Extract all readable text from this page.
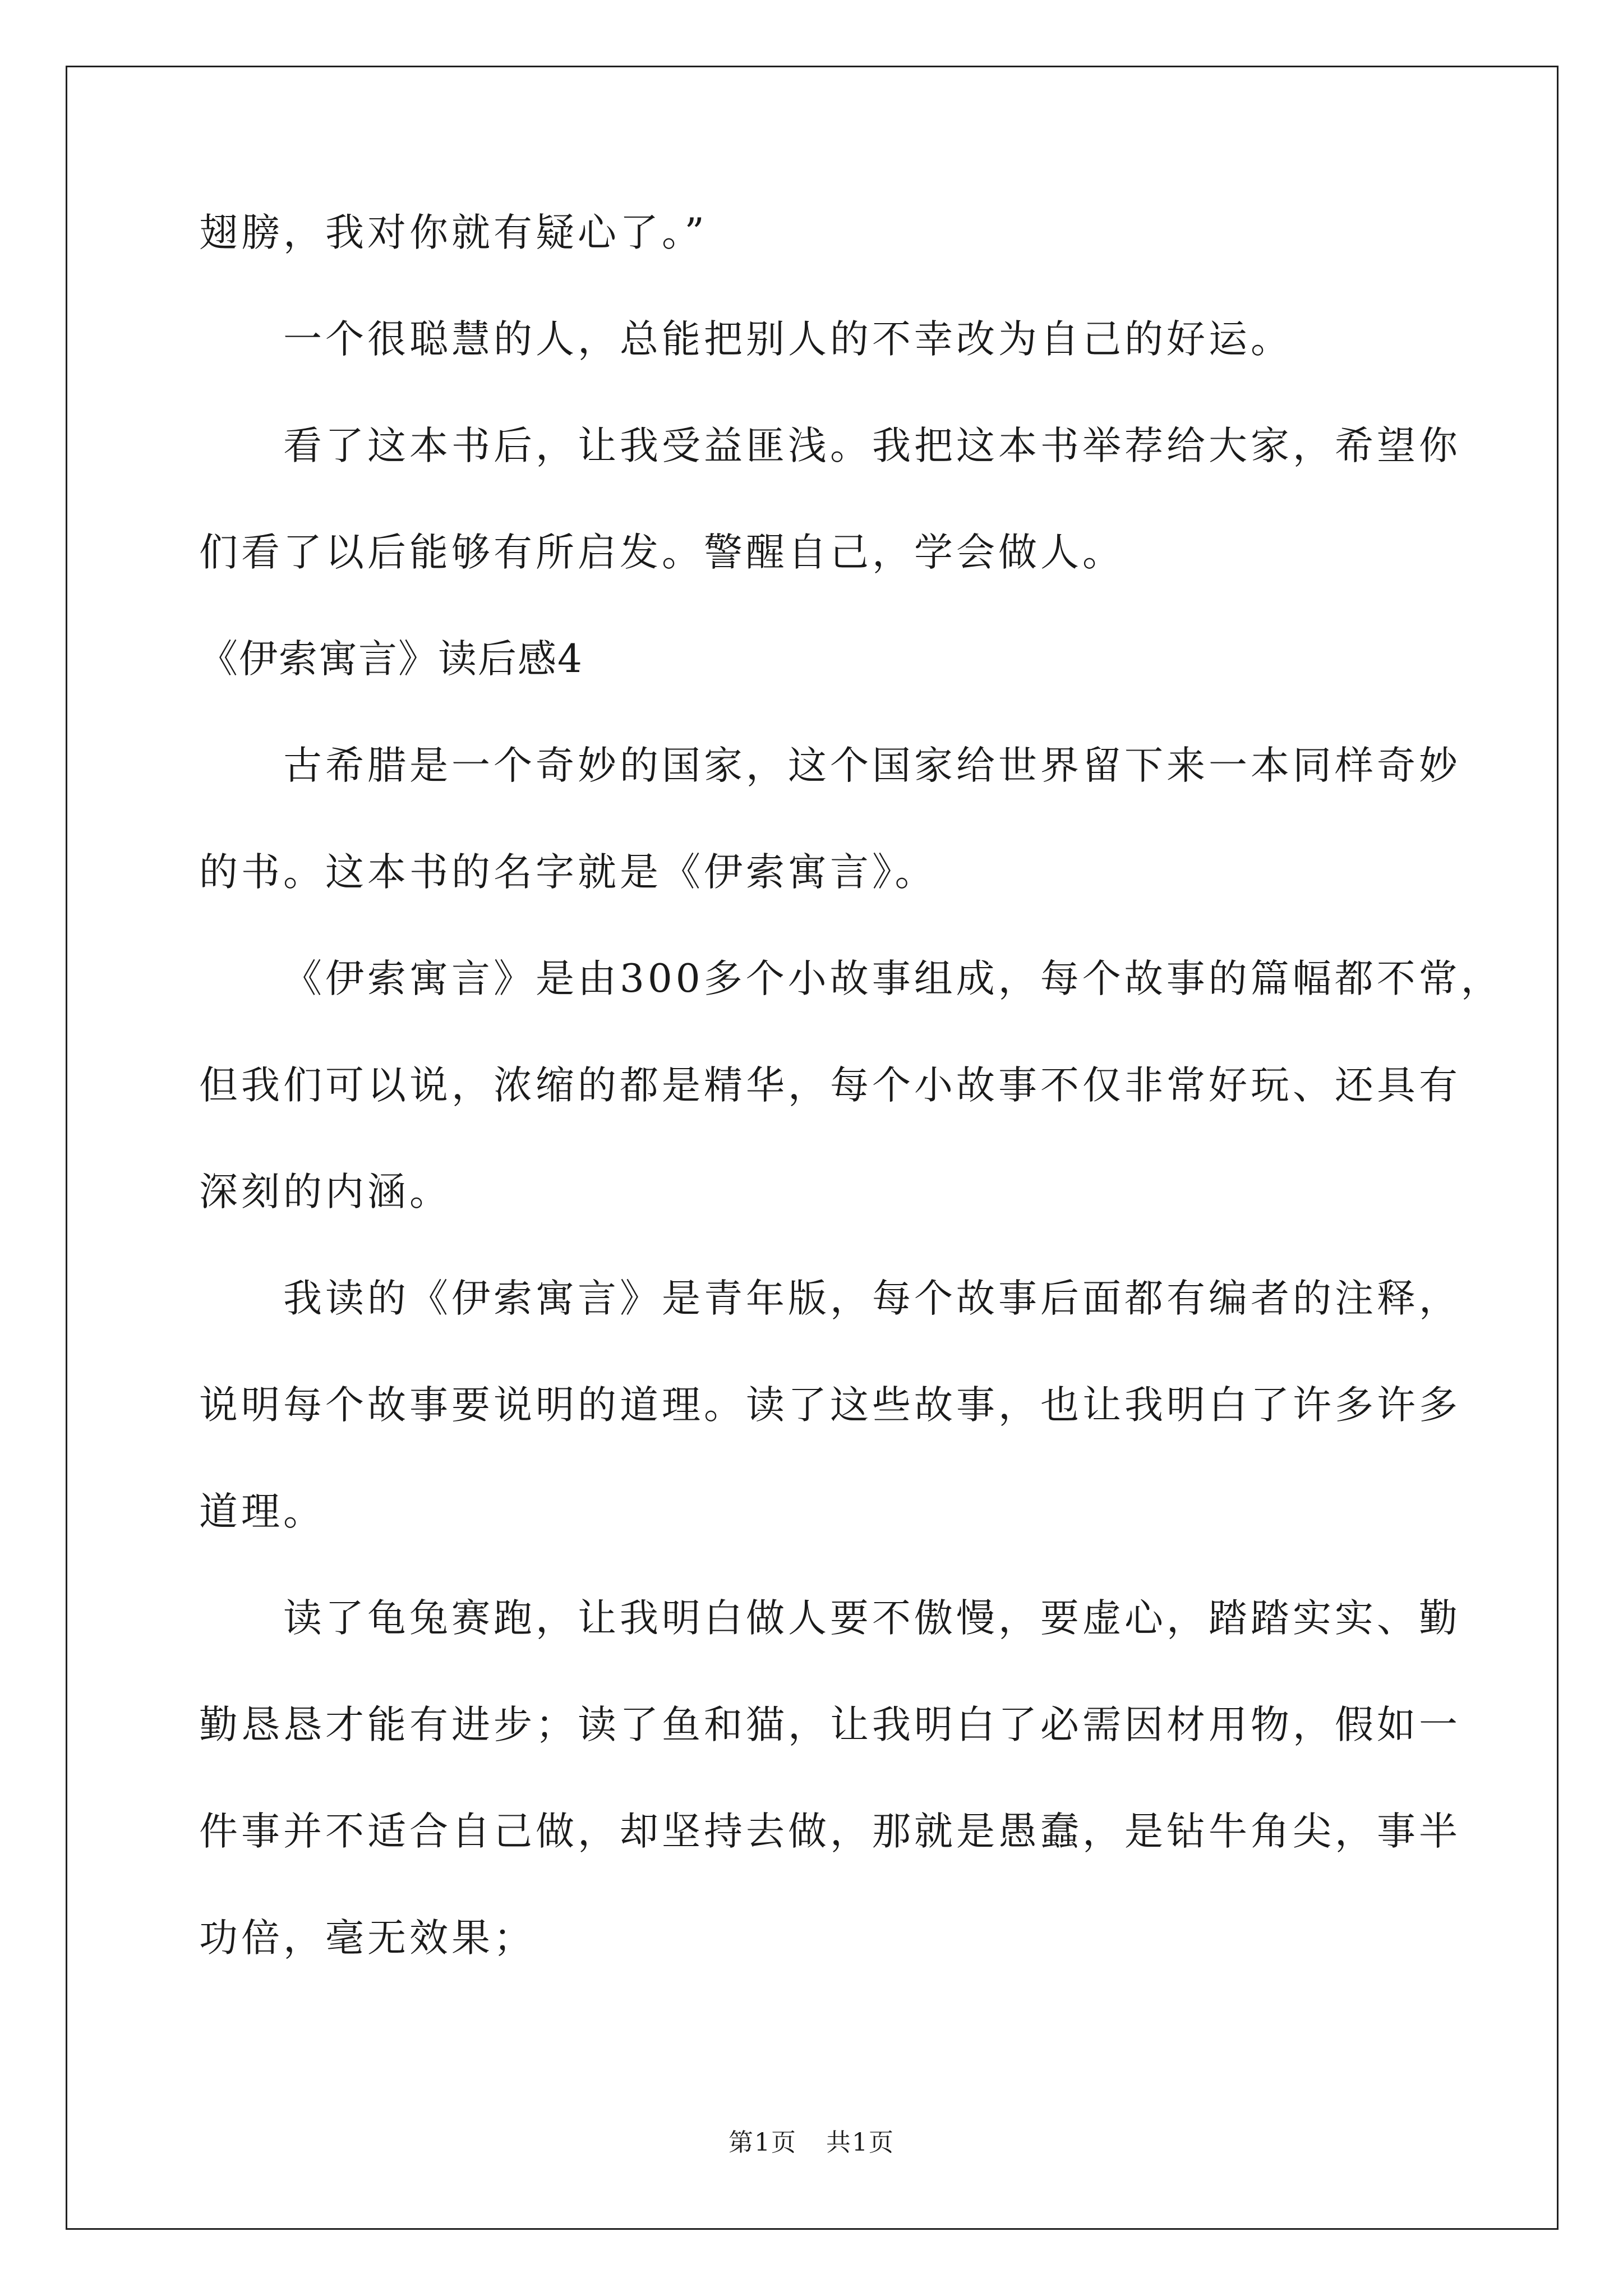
翅膀，我对你就有疑心了。”
一个很聪慧的人，总能把别人的不幸改为自己的好运。
看了这本书后，让我受益匪浅。我把这本书举荐给大家，希望你
们看了以后能够有所启发。警醒自己，学会做人。
《伊索寓言》读后感4
古希腊是一个奇妙的国家，这个国家给世界留下来一本同样奇妙
的书。这本书的名字就是《伊索寓言》。
《伊索寓言》是由300多个小故事组成，每个故事的篇幅都不常，
但我们可以说，浓缩的都是精华，每个小故事不仅非常好玩、还具有
深刻的内涵。
我读的《伊索寓言》是青年版，每个故事后面都有编者的注释，
说明每个故事要说明的道理。读了这些故事，也让我明白了许多许多
道理。
读了龟兔赛跑，让我明白做人要不傲慢，要虚心，踏踏实实、勤
勤恳恳才能有进步；读了鱼和猫，让我明白了必需因材用物，假如一
件事并不适合自己做，却坚持去做，那就是愚蠢，是钻牛角尖，事半
功倍，毫无效果；
第1页 共1页
